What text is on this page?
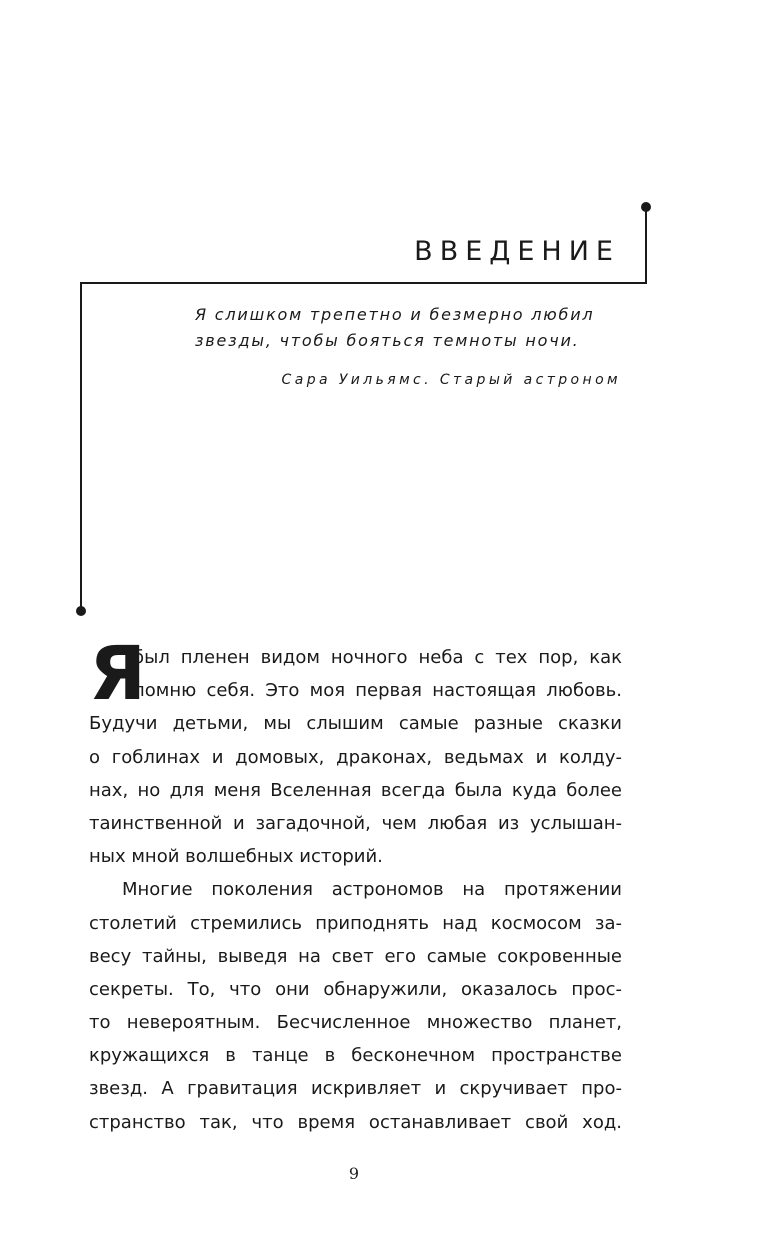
ВВЕДЕНИЕ
Я слишком трепетно и безмерно любил
звезды, чтобы бояться темноты ночи.

Сара Уильямс. Старый астроном

Я
был пленен видом ночного неба с тех пор, как
помню себя. Это моя первая настоящая любовь.
Будучи детьми, мы слышим самые разные сказки
о гоблинах и домовых, драконах, ведьмах и колду-
нах, но для меня Вселенная всегда была куда более
таинственной и загадочной, чем любая из услышан-
ных мной волшебных историй.
Многие поколения астрономов на протяжении
столетий стремились приподнять над космосом за-
весу тайны, выведя на свет его самые сокровенные
секреты. То, что они обнаружили, оказалось прос-
то невероятным. Бесчисленное множество планет,
кружащихся в танце в бесконечном пространстве
звезд. А гравитация искривляет и скручивает про-
странство так, что время останавливает свой ход.
9
